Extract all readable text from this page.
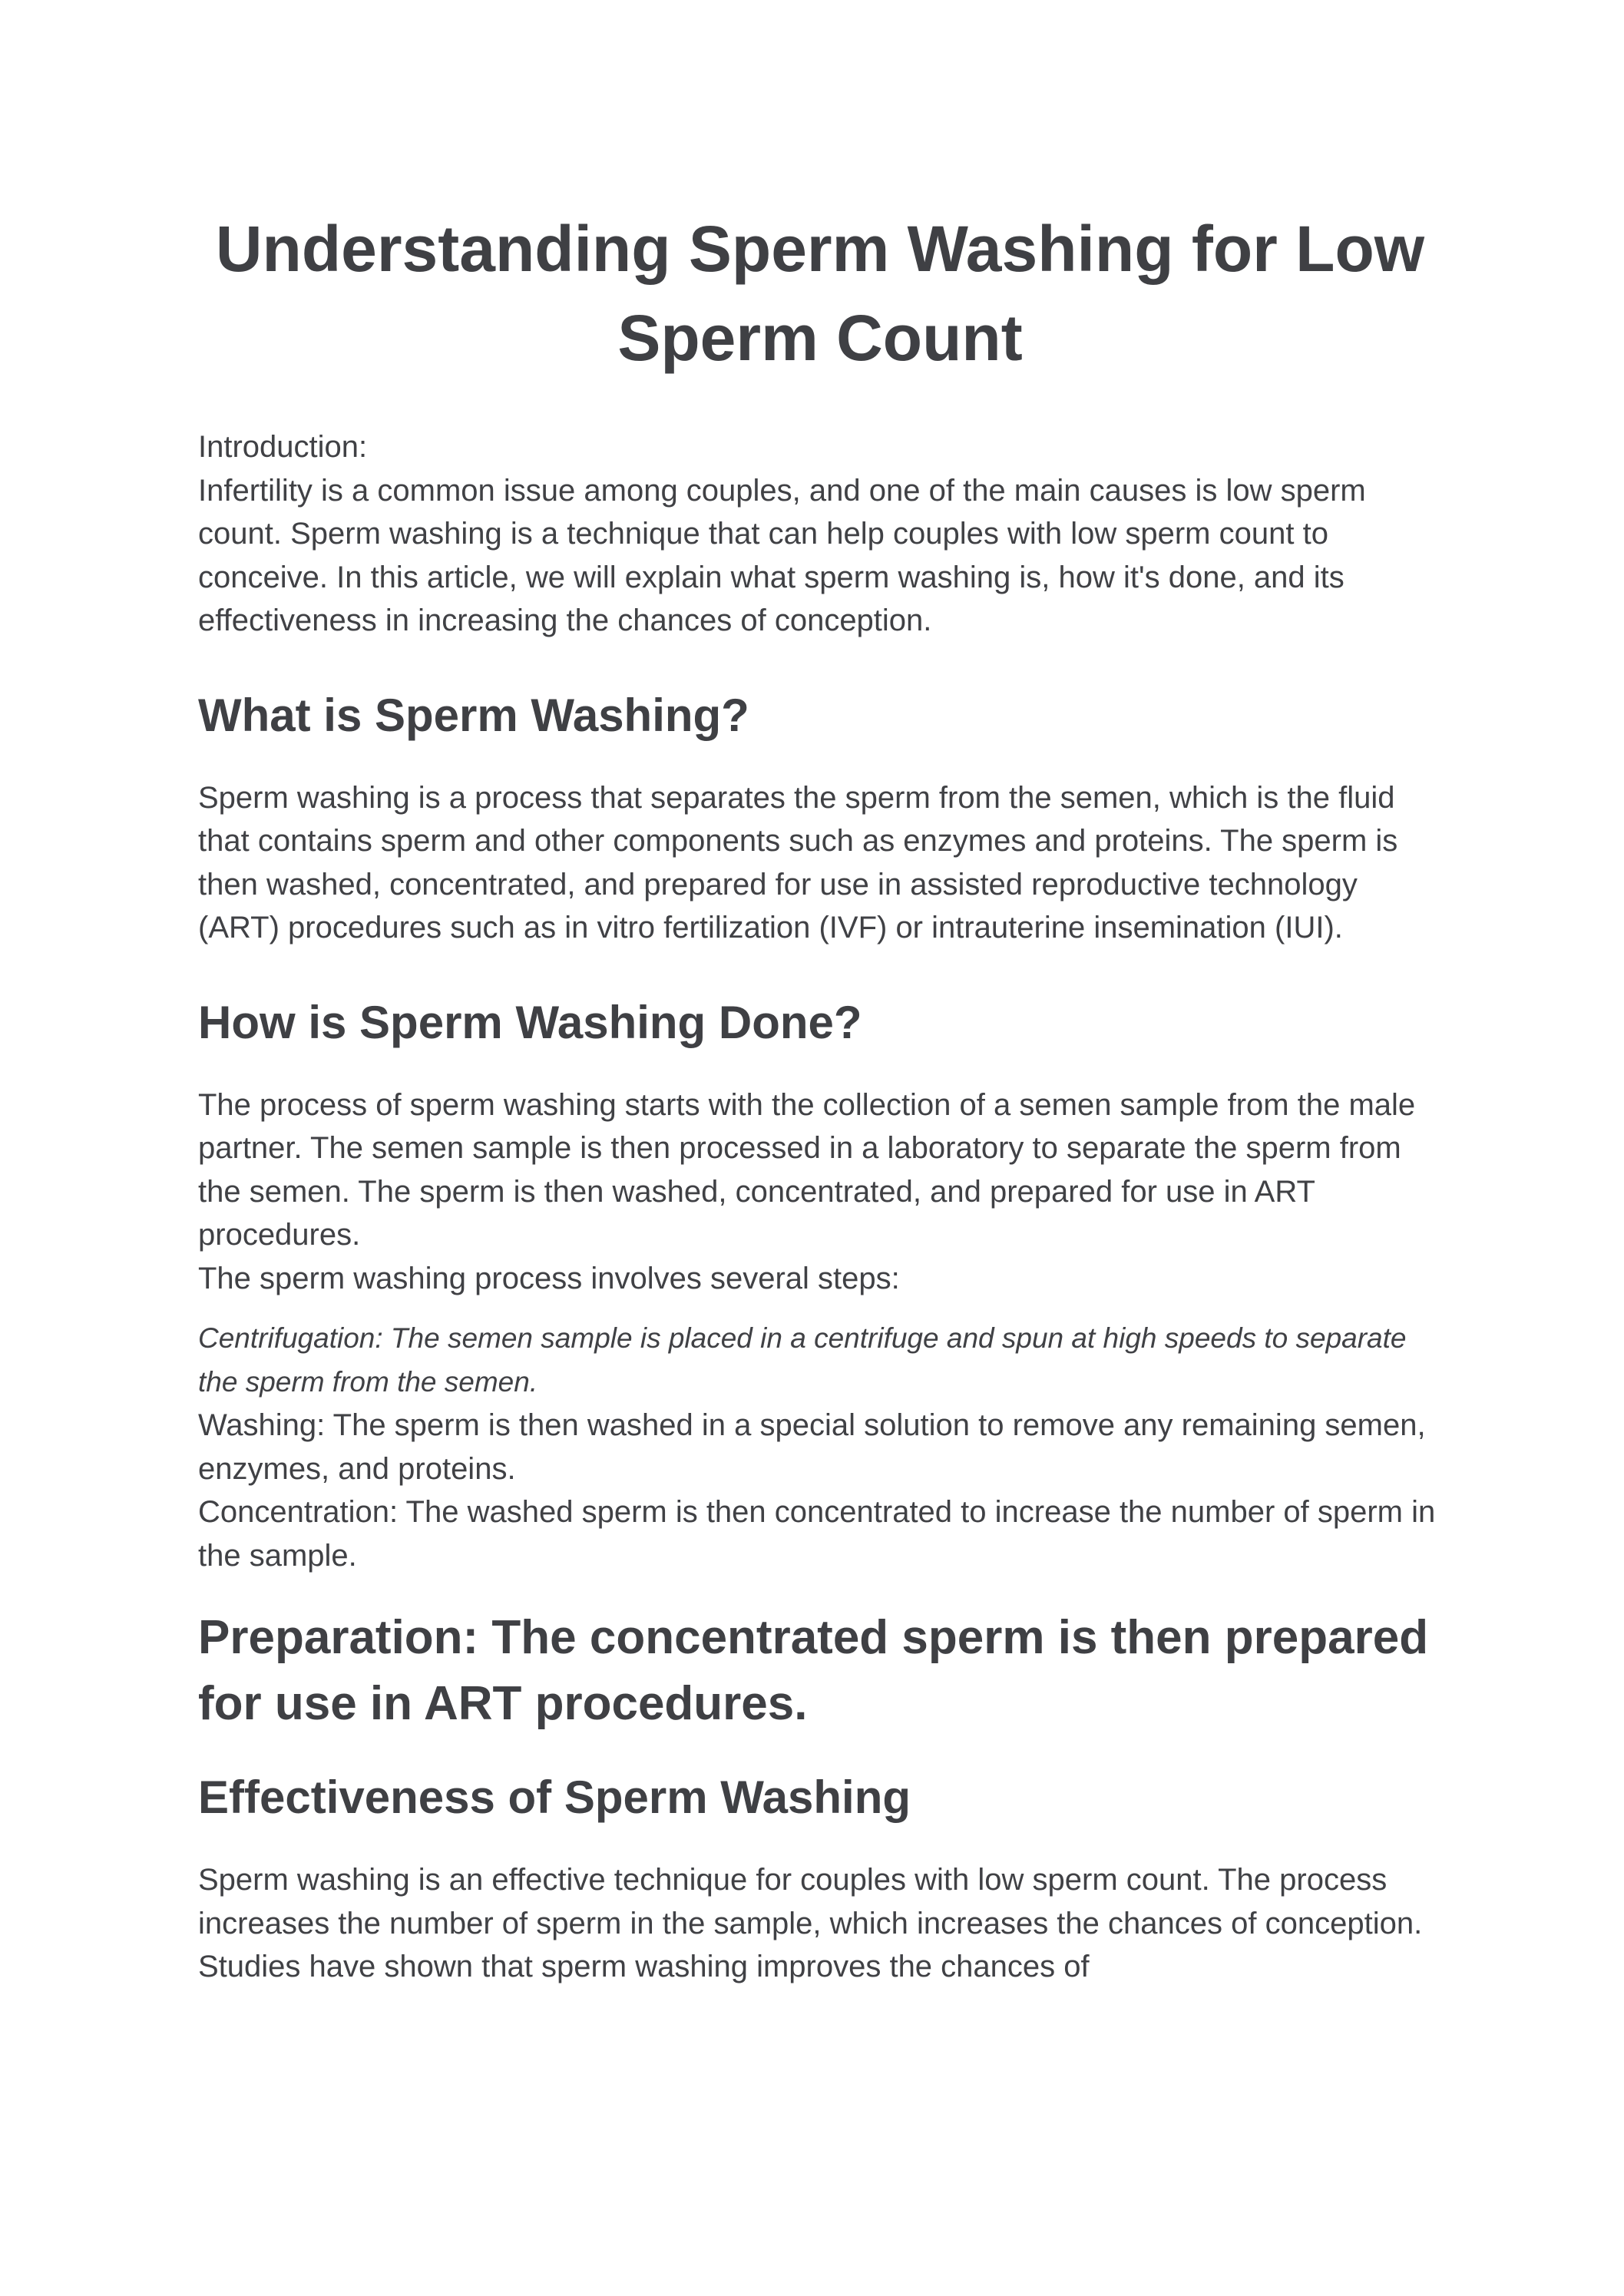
Understanding Sperm Washing for Low Sperm Count

Introduction:

Infertility is a common issue among couples, and one of the main causes is low sperm count. Sperm washing is a technique that can help couples with low sperm count to conceive. In this article, we will explain what sperm washing is, how it's done, and its effectiveness in increasing the chances of conception.

What is Sperm Washing?

Sperm washing is a process that separates the sperm from the semen, which is the fluid that contains sperm and other components such as enzymes and proteins. The sperm is then washed, concentrated, and prepared for use in assisted reproductive technology (ART) procedures such as in vitro fertilization (IVF) or intrauterine insemination (IUI).

How is Sperm Washing Done?

The process of sperm washing starts with the collection of a semen sample from the male partner. The semen sample is then processed in a laboratory to separate the sperm from the semen. The sperm is then washed, concentrated, and prepared for use in ART procedures.

The sperm washing process involves several steps:

Centrifugation: The semen sample is placed in a centrifuge and spun at high speeds to separate the sperm from the semen.

Washing: The sperm is then washed in a special solution to remove any remaining semen, enzymes, and proteins.

Concentration: The washed sperm is then concentrated to increase the number of sperm in the sample.

Preparation: The concentrated sperm is then prepared for use in ART procedures.
Effectiveness of Sperm Washing

Sperm washing is an effective technique for couples with low sperm count. The process increases the number of sperm in the sample, which increases the chances of conception. Studies have shown that sperm washing improves the chances of
